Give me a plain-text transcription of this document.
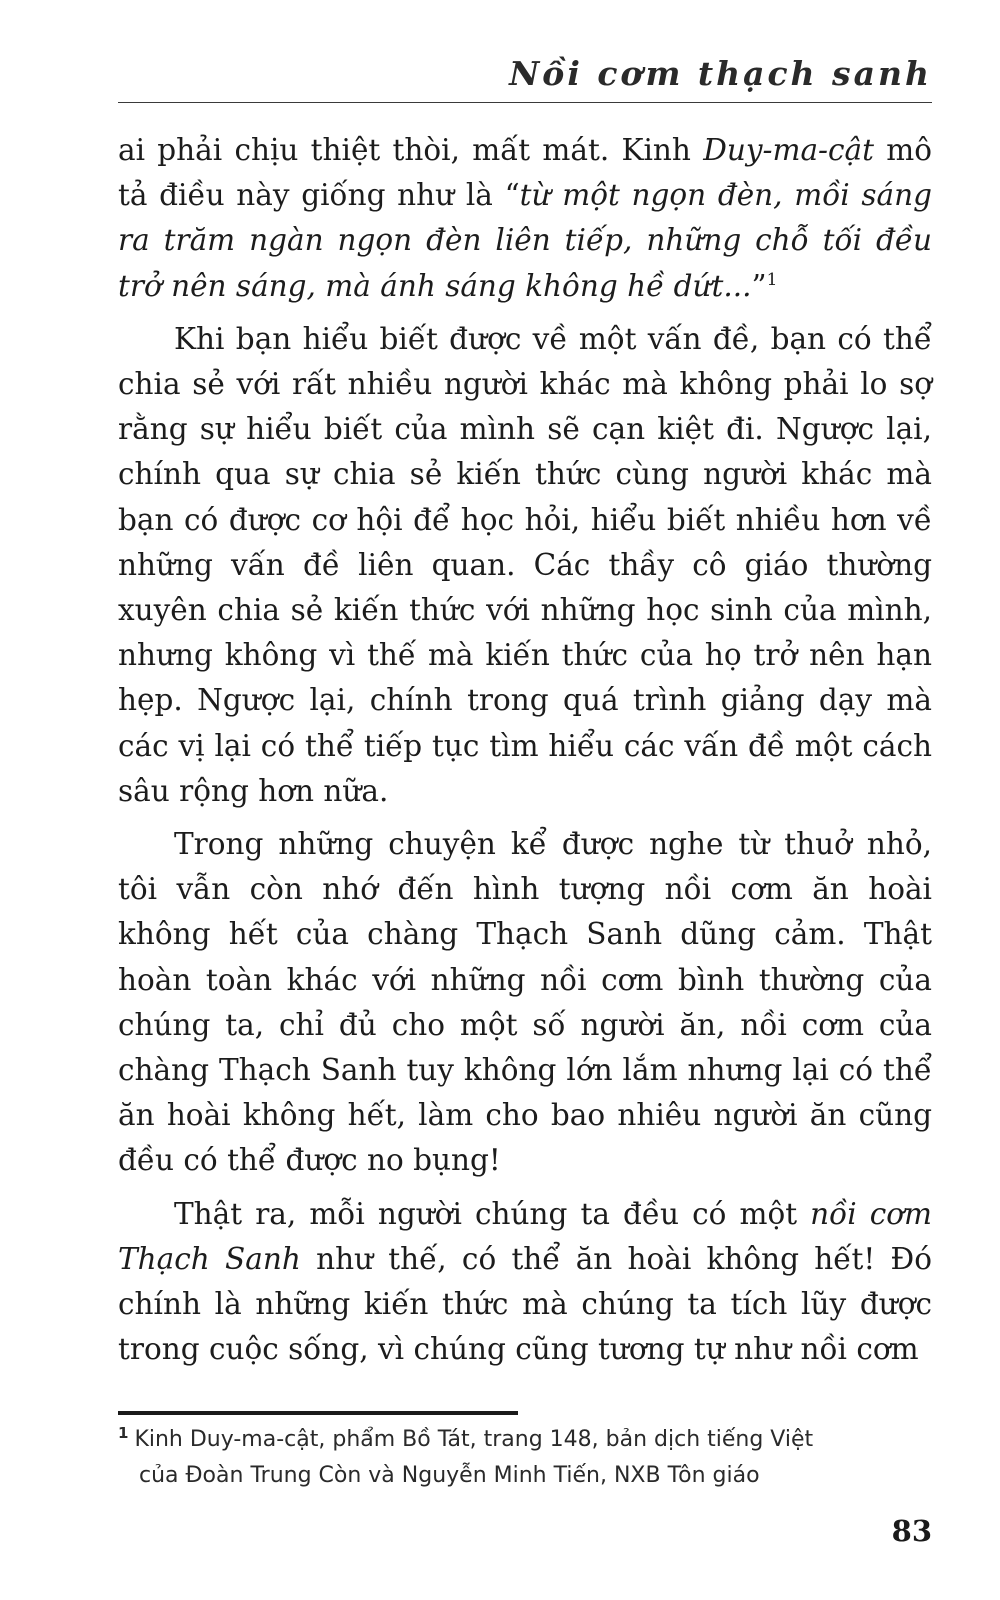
Nồi cơm thạch sanh

ai phải chịu thiệt thòi, mất mát. Kinh Duy-ma-cật mô tả điều này giống như là “từ một ngọn đèn, mồi sáng ra trăm ngàn ngọn đèn liên tiếp, những chỗ tối đều trở nên sáng, mà ánh sáng không hề dứt...”$^1$

Khi bạn hiểu biết được về một vấn đề, bạn có thể chia sẻ với rất nhiều người khác mà không phải lo sợ rằng sự hiểu biết của mình sẽ cạn kiệt đi. Ngược lại, chính qua sự chia sẻ kiến thức cùng người khác mà bạn có được cơ hội để học hỏi, hiểu biết nhiều hơn về những vấn đề liên quan. Các thầy cô giáo thường xuyên chia sẻ kiến thức với những học sinh của mình, nhưng không vì thế mà kiến thức của họ trở nên hạn hẹp. Ngược lại, chính trong quá trình giảng dạy mà các vị lại có thể tiếp tục tìm hiểu các vấn đề một cách sâu rộng hơn nữa.

Trong những chuyện kể được nghe từ thuở nhỏ, tôi vẫn còn nhớ đến hình tượng nồi cơm ăn hoài không hết của chàng Thạch Sanh dũng cảm. Thật hoàn toàn khác với những nồi cơm bình thường của chúng ta, chỉ đủ cho một số người ăn, nồi cơm của chàng Thạch Sanh tuy không lớn lắm nhưng lại có thể ăn hoài không hết, làm cho bao nhiêu người ăn cũng đều có thể được no bụng!

Thật ra, mỗi người chúng ta đều có một nồi cơm Thạch Sanh như thế, có thể ăn hoài không hết! Đó chính là những kiến thức mà chúng ta tích lũy được trong cuộc sống, vì chúng cũng tương tự như nồi cơm

$^1$ Kinh Duy-ma-cật, phẩm Bồ Tát, trang 148, bản dịch tiếng Việt
của Đoàn Trung Còn và Nguyễn Minh Tiến, NXB Tôn giáo
83
